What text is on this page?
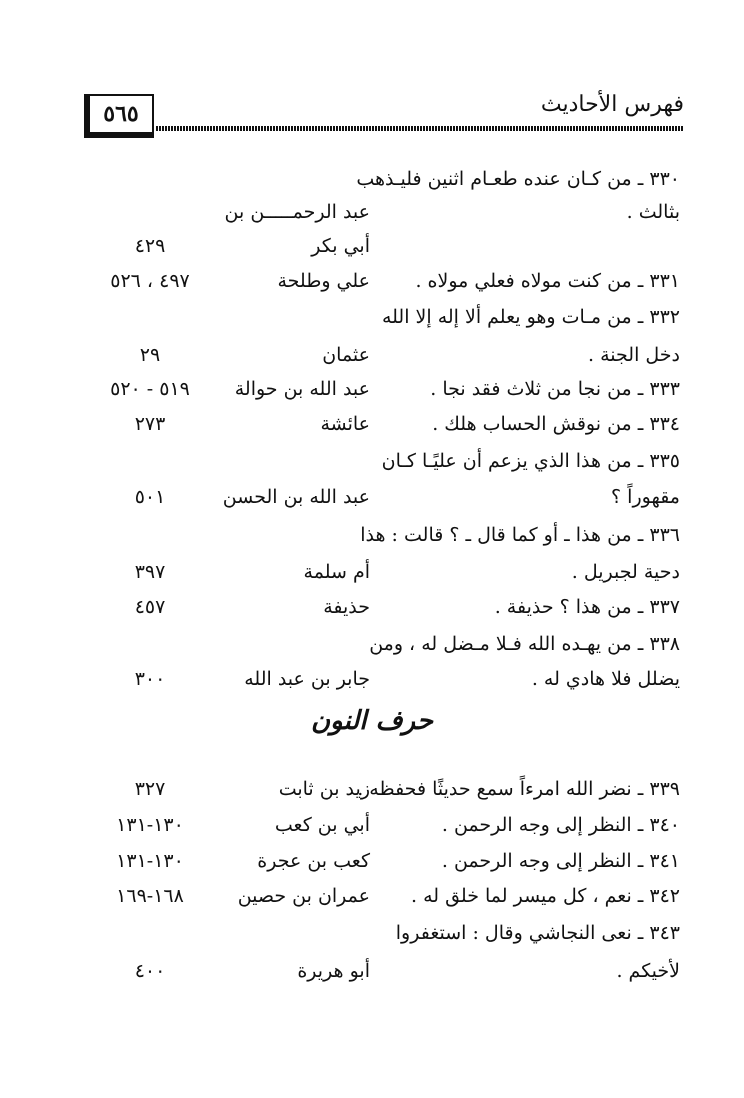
٥٦٥	فهرس الأحاديث
٣٣٠ ـ من كـان عنده طعـام اثنين فليـذهب
بثالث .
عبد الرحمـــــن بن
أبي بكر
٤٢٩
٣٣١ ـ من كنت مولاه فعلي مولاه .
علي وطلحة
٤٩٧ ، ٥٢٦
٣٣٢ ـ من مـات وهو يعلم ألا إله إلا الله
دخل الجنة .
عثمان
٢٩
٣٣٣ ـ من نجا من ثلاث فقد نجا .
عبد الله بن حوالة
٥١٩ - ٥٢٠
٣٣٤ ـ من نوقش الحساب هلك .
عائشة
٢٧٣
٣٣٥ ـ من هذا الذي يزعم أن عليًـا كـان
مقهوراً ؟
عبد الله بن الحسن
٥٠١
٣٣٦ ـ من هذا ـ أو كما قال ـ ؟ قالت : هذا
دحية لجبريل .
أم سلمة
٣٩٧
٣٣٧ ـ من هذا ؟ حذيفة .
حذيفة
٤٥٧
٣٣٨ ـ من يهـده الله فـلا مـضل له ، ومن
يضلل فلا هادي له .
جابر بن عبد الله
٣٠٠
حرف النون
٣٣٩ ـ نضر الله امرءاً سمع حديثًا فحفظه .
زيد بن ثابت
٣٢٧
٣٤٠ ـ النظر إلى وجه الرحمن .
أبي بن كعب
١٣٠-١٣١
٣٤١ ـ النظر إلى وجه الرحمن .
كعب بن عجرة
١٣٠-١٣١
٣٤٢ ـ نعم ، كل ميسر لما خلق له .
عمران بن حصين
١٦٨-١٦٩
٣٤٣ ـ نعى النجاشي وقال : استغفروا
لأخيكم .
أبو هريرة
٤٠٠
